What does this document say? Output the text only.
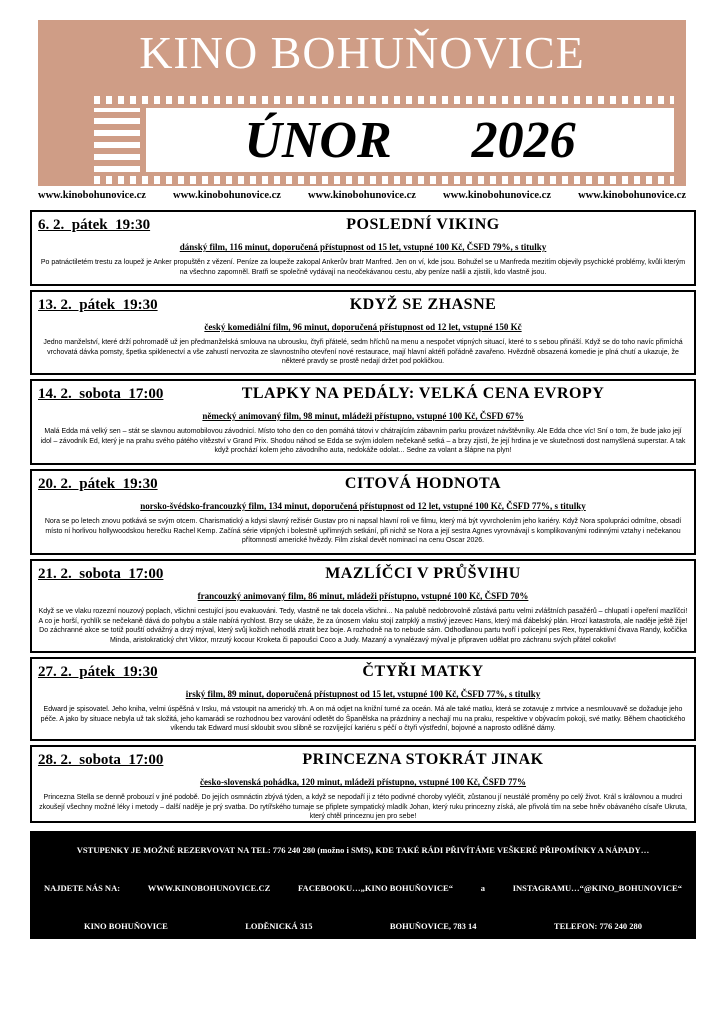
KINO BOHUŇOVICE
ÚNOR 2026
www.kinobohunovice.cz	www.kinobohunovice.cz	www.kinobohunovice.cz	www.kinobohunovice.cz	www.kinobohunovice.cz
6. 2.  pátek  19:30	POSLEDNÍ VIKING
dánský film, 116 minut, doporučená přístupnost od 15 let, vstupné 100 Kč, ČSFD 79%, s titulky
Po patnáctiletém trestu za loupež je Anker propuštěn z vězení. Peníze za loupeže zakopal Ankerův bratr Manfred. Jen on ví, kde jsou. Bohužel se u Manfreda mezitím objevily psychické problémy, kvůli kterým na všechno zapomněl. Bratři se společně vydávají na neočekávanou cestu, aby peníze našli a zjistili, kdo vlastně jsou.
13. 2.  pátek  19:30	KDYŽ SE ZHASNE
český komediální film, 96 minut, doporučená přístupnost od 12 let, vstupné 150 Kč
Jedno manželství, které drží pohromadě už jen předmanželská smlouva na ubrousku, čtyři přátelé, sedm hříchů na menu a nespočet vtipných situací, které to s sebou přináší. Když se do toho navíc přimíchá vrchovatá dávka pomsty, špetka spiklenectví a vše zahustí nervozita ze slavnostního otevření nové restaurace, mají hlavní aktéři pořádně zavařeno. Hvězdně obsazená komedie je plná chutí a ukazuje, že některé pravdy se prostě nedají držet pod pokličkou.
14. 2.  sobota  17:00	TLAPKY NA PEDÁLY: VELKÁ CENA EVROPY
německý animovaný film, 98 minut, mládeži přístupno, vstupné 100 Kč, ČSFD 67%
Malá Edda má velký sen – stát se slavnou automobilovou závodnicí. Místo toho den co den pomáhá tátovi v chátrajícím zábavním parku provázet návštěvníky. Ale Edda chce víc! Sní o tom, že bude jako její idol – závodník Ed, který je na prahu svého pátého vítězství v Grand Prix. Shodou náhod se Edda se svým idolem nečekaně setká – a brzy zjistí, že její hrdina je ve skutečnosti dost namyšlená superstar. A tak když prochází kolem jeho závodního auta, nedokáže odolat... Sedne za volant a šlápne na plyn!
20. 2.  pátek  19:30	CITOVÁ HODNOTA
norsko-švédsko-francouzký film, 134 minut, doporučená přístupnost od 12 let, vstupné 100 Kč, ČSFD 77%, s titulky
Nora se po letech znovu potkává se svým otcem. Charismatický a kdysi slavný režisér Gustav pro ni napsal hlavní roli ve filmu, který má být vyvrcholením jeho kariéry. Když Nora spolupráci odmítne, obsadí místo ní horlivou hollywoodskou herečku Rachel Kemp. Začíná série vtipných i bolestně upřímných setkání, při nichž se Nora a její sestra Agnes vyrovnávají s komplikovanými rodinnými vztahy i nečekanou přítomností americké hvězdy. Film získal devět nominací na cenu Oscar 2026.
21. 2.  sobota  17:00	MAZLÍČCI V PRŮŠVIHU
francouzký animovaný film, 86 minut, mládeži přístupno, vstupné 100 Kč, ČSFD 70%
Když se ve vlaku rozezní nouzový poplach, všichni cestující jsou evakuováni. Tedy, vlastně ne tak docela všichni... Na palubě nedobrovolně zůstává partu velmi zvláštních pasažérů – chlupatí i opeření mazlíčci! A co je horší, rychlík se nečekaně dává do pohybu a stále nabírá rychlost. Brzy se ukáže, že za únosem vlaku stojí zatrpklý a mstivý jezevec Hans, který má ďábelský plán. Hrozí katastrofa, ale naděje ještě žije! Do záchranné akce se totiž pouští odvážný a drzý mýval, který svůj kožich nehodlá ztratit bez boje. A rozhodně na to nebude sám. Odhodlanou partu tvoří i policejní pes Rex, hyperaktivní čivava Randy, kočička Minda, aristokratický chrt Viktor, mrzutý kocour Kroketa či papoušci Coco a Judy. Mazaný a vynalézavý mýval je připraven udělat pro záchranu svých přátel cokoliv!
27. 2.  pátek  19:30	ČTYŘI MATKY
irský film, 89 minut, doporučená přístupnost od 15 let, vstupné 100 Kč, ČSFD 77%, s titulky
Edward je spisovatel. Jeho kniha, velmi úspěšná v Irsku, má vstoupit na americký trh. A on má odjet na knižní turné za oceán. Má ale také matku, která se zotavuje z mrtvice a nesmlouvavě se dožaduje jeho péče. A jako by situace nebyla už tak složitá, jeho kamarádi se rozhodnou bez varování odletět do Španělska na prázdniny a nechají mu na praku, respektive v obývacím pokoji, své matky. Během chaotického víkendu tak Edward musí skloubit svou slibně se rozvíjející kariéru s péčí o čtyři výstřední, bojovné a naprosto odlišné dámy.
28. 2.  sobota  17:00	PRINCEZNA STOKRÁT JINAK
česko-slovenská pohádka, 120 minut, mládeži přístupno, vstupné 100 Kč, ČSFD 77%
Princezna Stella se denně probouzí v jiné podobě. Do jejích osmnáctin zbývá týden, a když se nepodaří ji z této podivné choroby vyléčit, zůstanou jí neustálé proměny po celý život. Král s královnou a mudrci zkoušejí všechny možné léky i metody – další naděje je prý svatba. Do rytířského turnaje se připlete sympatický mladík Johan, který ruku princezny získá, ale přivolá tím na sebe hněv obávaného císaře Ukruta, který chtěl princeznu jen pro sebe!
VSTUPENKY JE MOŽNÉ REZERVOVAT NA TEL: 776 240 280 (možno i SMS), KDE TAKÉ RÁDI PŘIVÍTÁME VEŠKERÉ PŘIPOMÍNKY A NÁPADY…
NAJDETE NÁS NA:	WWW.KINOBOHUNOVICE.CZ	FACEBOOKU…„KINO BOHUŇOVICE“	a	INSTAGRAMU…“@KINO_BOHUNOVICE“
KINO BOHUŇOVICE	LODĚNICKÁ 315	BOHUŇOVICE, 783 14	TELEFON: 776 240 280
